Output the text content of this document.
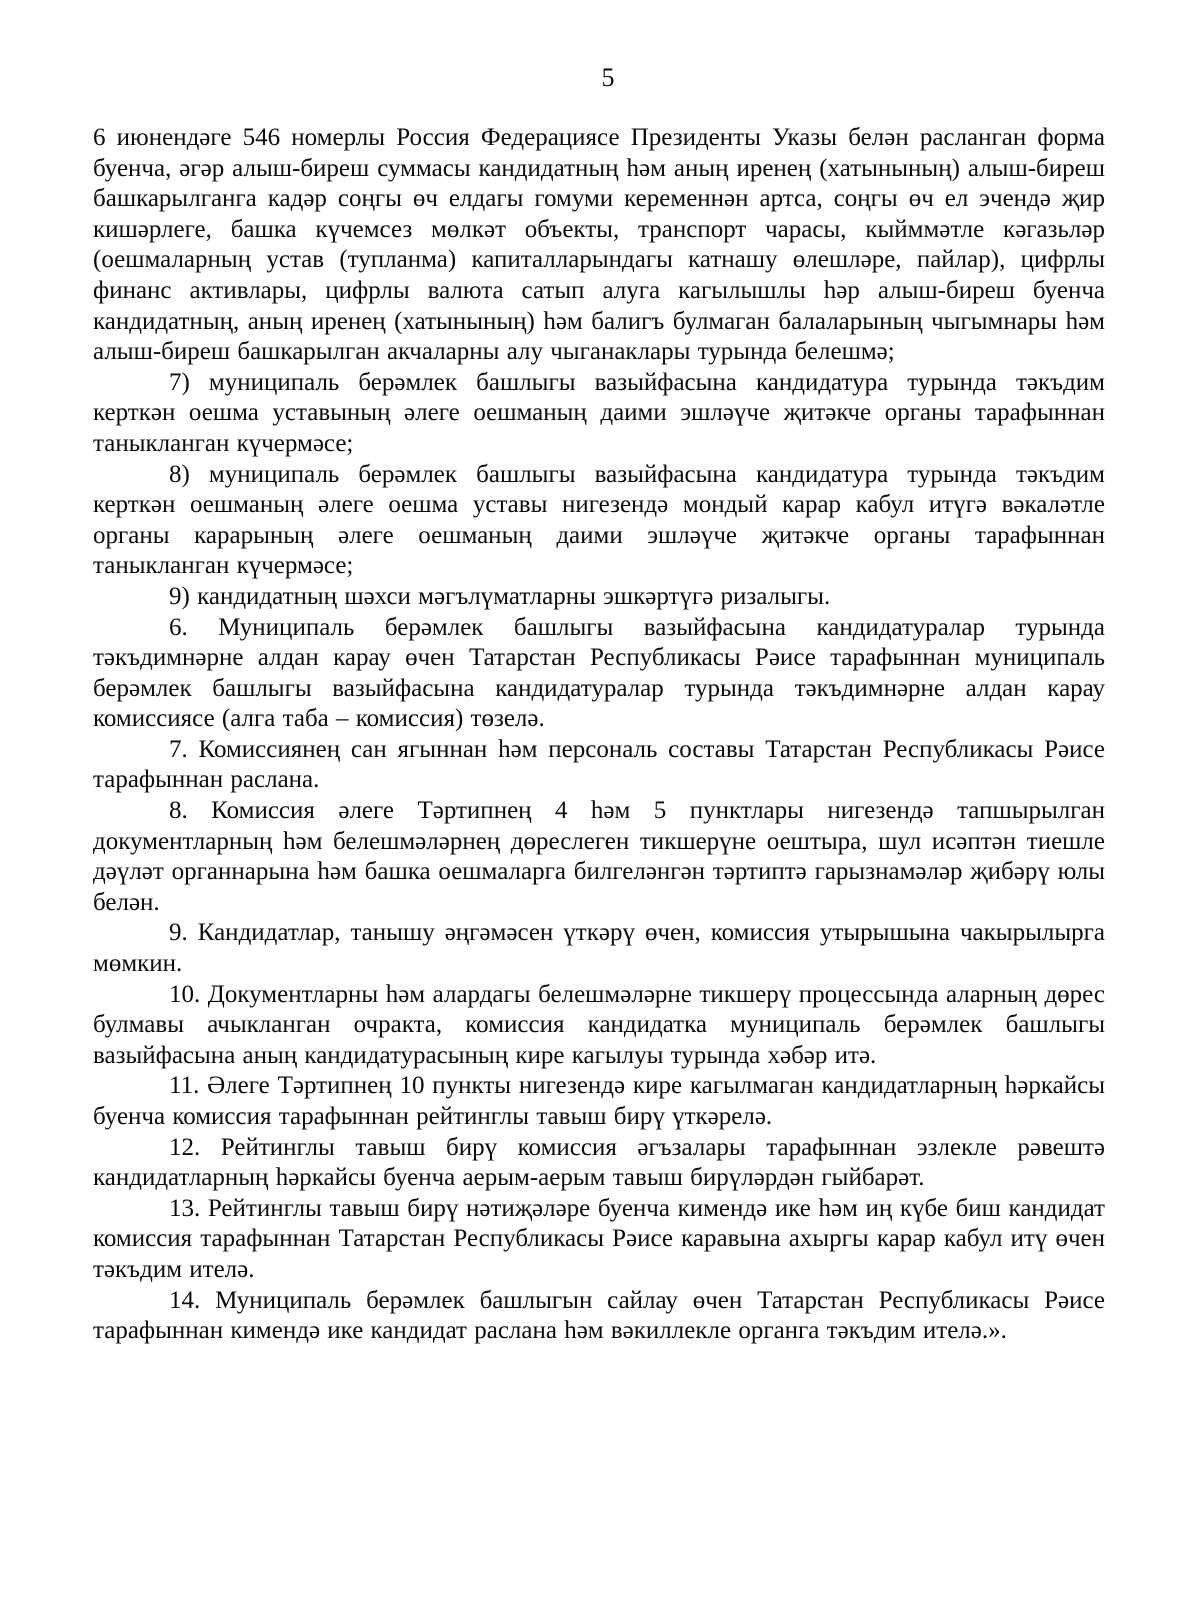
5

6 июнендәге 546 номерлы Россия Федерациясе Президенты Указы белән расланган форма буенча, әгәр алыш-биреш суммасы кандидатның һәм аның иренең (хатынының) алыш-биреш башкарылганга кадәр соңгы өч елдагы гомуми кеременнән артса, соңгы өч ел эчендә җир кишәрлеге, башка күчемсез мөлкәт объекты, транспорт чарасы, кыйммәтле кәгазьләр (оешмаларның устав (тупланма) капиталларындагы катнашу өлешләре, пайлар), цифрлы финанс активлары, цифрлы валюта сатып алуга кагылышлы һәр алыш-биреш буенча кандидатның, аның иренең (хатынының) һәм балигъ булмаган балаларының чыгымнары һәм алыш-биреш башкарылган акчаларны алу чыганаклары турында белешмә;

7) муниципаль берәмлек башлыгы вазыйфасына кандидатура турында тәкъдим керткән оешма уставының әлеге оешманың даими эшләүче җитәкче органы тарафыннан таныкланган күчермәсе;

8) муниципаль берәмлек башлыгы вазыйфасына кандидатура турында тәкъдим керткән оешманың әлеге оешма уставы нигезендә мондый карар кабул итүгә вәкаләтле органы карарының әлеге оешманың даими эшләүче җитәкче органы тарафыннан таныкланган күчермәсе;

9) кандидатның шәхси мәгълүматларны эшкәртүгә ризалыгы.

6. Муниципаль берәмлек башлыгы вазыйфасына кандидатуралар турында тәкъдимнәрне алдан карау өчен Татарстан Республикасы Рәисе тарафыннан муниципаль берәмлек башлыгы вазыйфасына кандидатуралар турында тәкъдимнәрне алдан карау комиссиясе (алга таба – комиссия) төзелә.

7. Комиссиянең сан ягыннан һәм персональ составы Татарстан Республикасы Рәисе тарафыннан раслана.

8. Комиссия әлеге Тәртипнең 4 һәм 5 пунктлары нигезендә тапшырылган документларның һәм белешмәләрнең дөреслеген тикшерүне оештыра, шул исәптән тиешле дәүләт органнарына һәм башка оешмаларга билгеләнгән тәртиптә гарызнамәләр җибәрү юлы белән.

9. Кандидатлар, танышу әңгәмәсен үткәрү өчен, комиссия утырышына чакырылырга мөмкин.

10. Документларны һәм алардагы белешмәләрне тикшерү процессында аларның дөрес булмавы ачыкланган очракта, комиссия кандидатка муниципаль берәмлек башлыгы вазыйфасына аның кандидатурасының кире кагылуы турында хәбәр итә.

11. Әлеге Тәртипнең 10 пункты нигезендә кире кагылмаган кандидатларның һәркайсы буенча комиссия тарафыннан рейтинглы тавыш бирү үткәрелә.

12. Рейтинглы тавыш бирү комиссия әгъзалары тарафыннан эзлекле рәвештә кандидатларның һәркайсы буенча аерым-аерым тавыш бирүләрдән гыйбарәт.

13. Рейтинглы тавыш бирү нәтиҗәләре буенча кимендә ике һәм иң күбе биш кандидат комиссия тарафыннан Татарстан Республикасы Рәисе каравына ахыргы карар кабул итү өчен тәкъдим ителә.

14. Муниципаль берәмлек башлыгын сайлау өчен Татарстан Республикасы Рәисе тарафыннан кимендә ике кандидат раслана һәм вәкиллекле органга тәкъдим ителә.».
